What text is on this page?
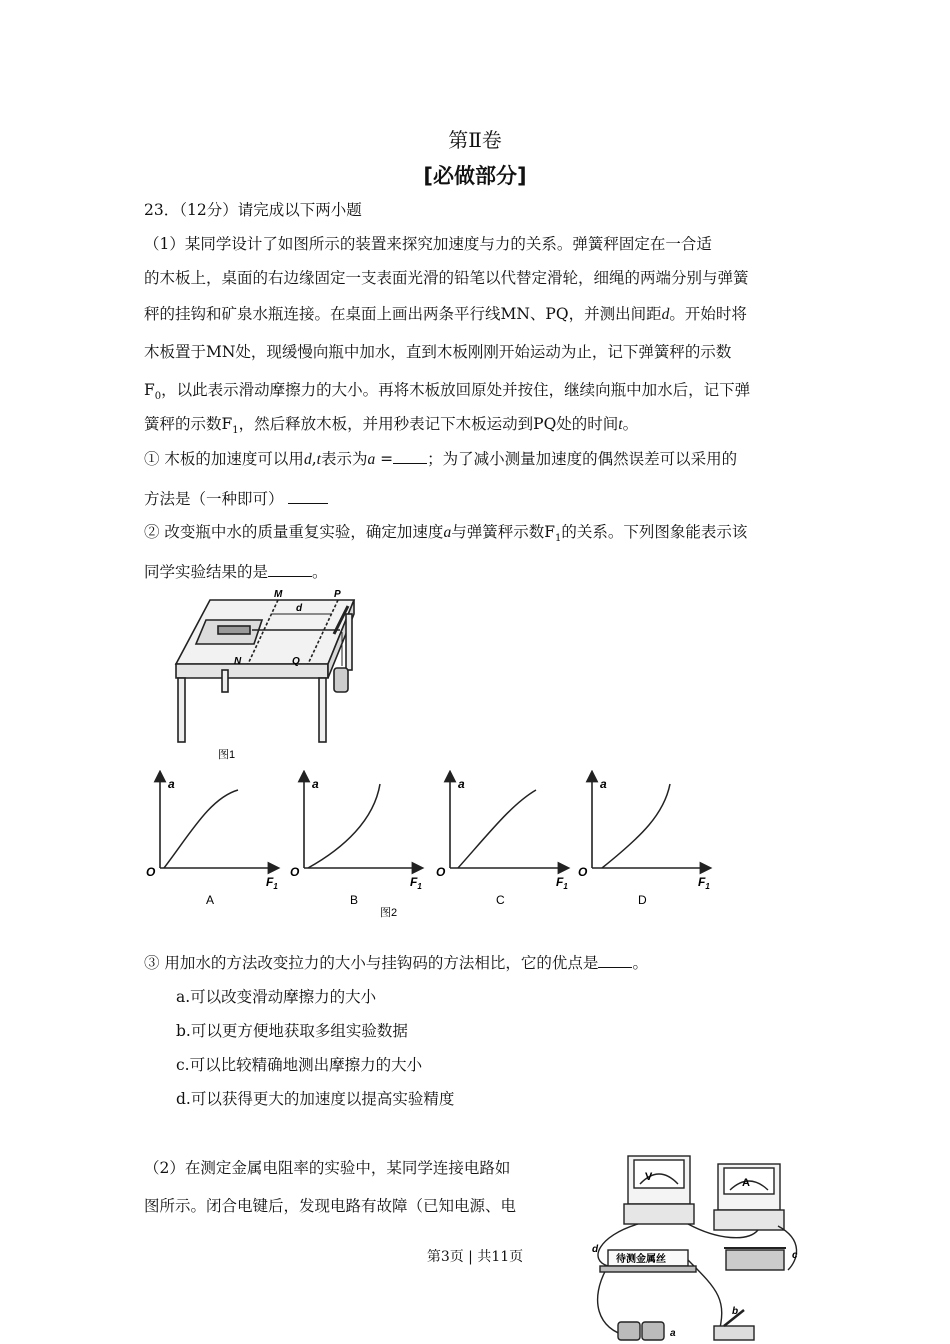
第Ⅱ卷
[必做部分]
23．（12分）请完成以下两小题
（1）某同学设计了如图所示的装置来探究加速度与力的关系。弹簧秤固定在一合适
的木板上，桌面的右边缘固定一支表面光滑的铅笔以代替定滑轮，细绳的两端分别与弹簧
秤的挂钩和矿泉水瓶连接。在桌面上画出两条平行线MN、PQ，并测出间距d。开始时将
木板置于MN处，现缓慢向瓶中加水，直到木板刚刚开始运动为止，记下弹簧秤的示数
$F_0$，以此表示滑动摩擦力的大小。再将木板放回原处并按住，继续向瓶中加水后，记下弹
簧秤的示数$F_1$，然后释放木板，并用秒表记下木板运动到PQ处的时间t。
① 木板的加速度可以用d,t表示为a = ；为了减小测量加速度的偶然误差可以采用的
方法是（一种即可）
② 改变瓶中水的质量重复实验，确定加速度a与弹簧秤示数$F_1$的关系。下列图象能表示该
同学实验结果的是	。
M	P
d
N	Q
图1
a
O
$F_1$
A
a
O
$F_1$
B
a
O
$F_1$
C
a
O
$F_1$
D
图2
③ 用加水的方法改变拉力的大小与挂钩码的方法相比，它的优点是 。
a.可以改变滑动摩擦力的大小
b.可以更方便地获取多组实验数据
c.可以比较精确地测出摩擦力的大小
d.可以获得更大的加速度以提高实验精度
（2）在测定金属电阻率的实验中，某同学连接电路如
图所示。闭合电键后，发现电路有故障（已知电源、电
V	A
待测金属丝	c
d
a
b
第3页 | 共11页
